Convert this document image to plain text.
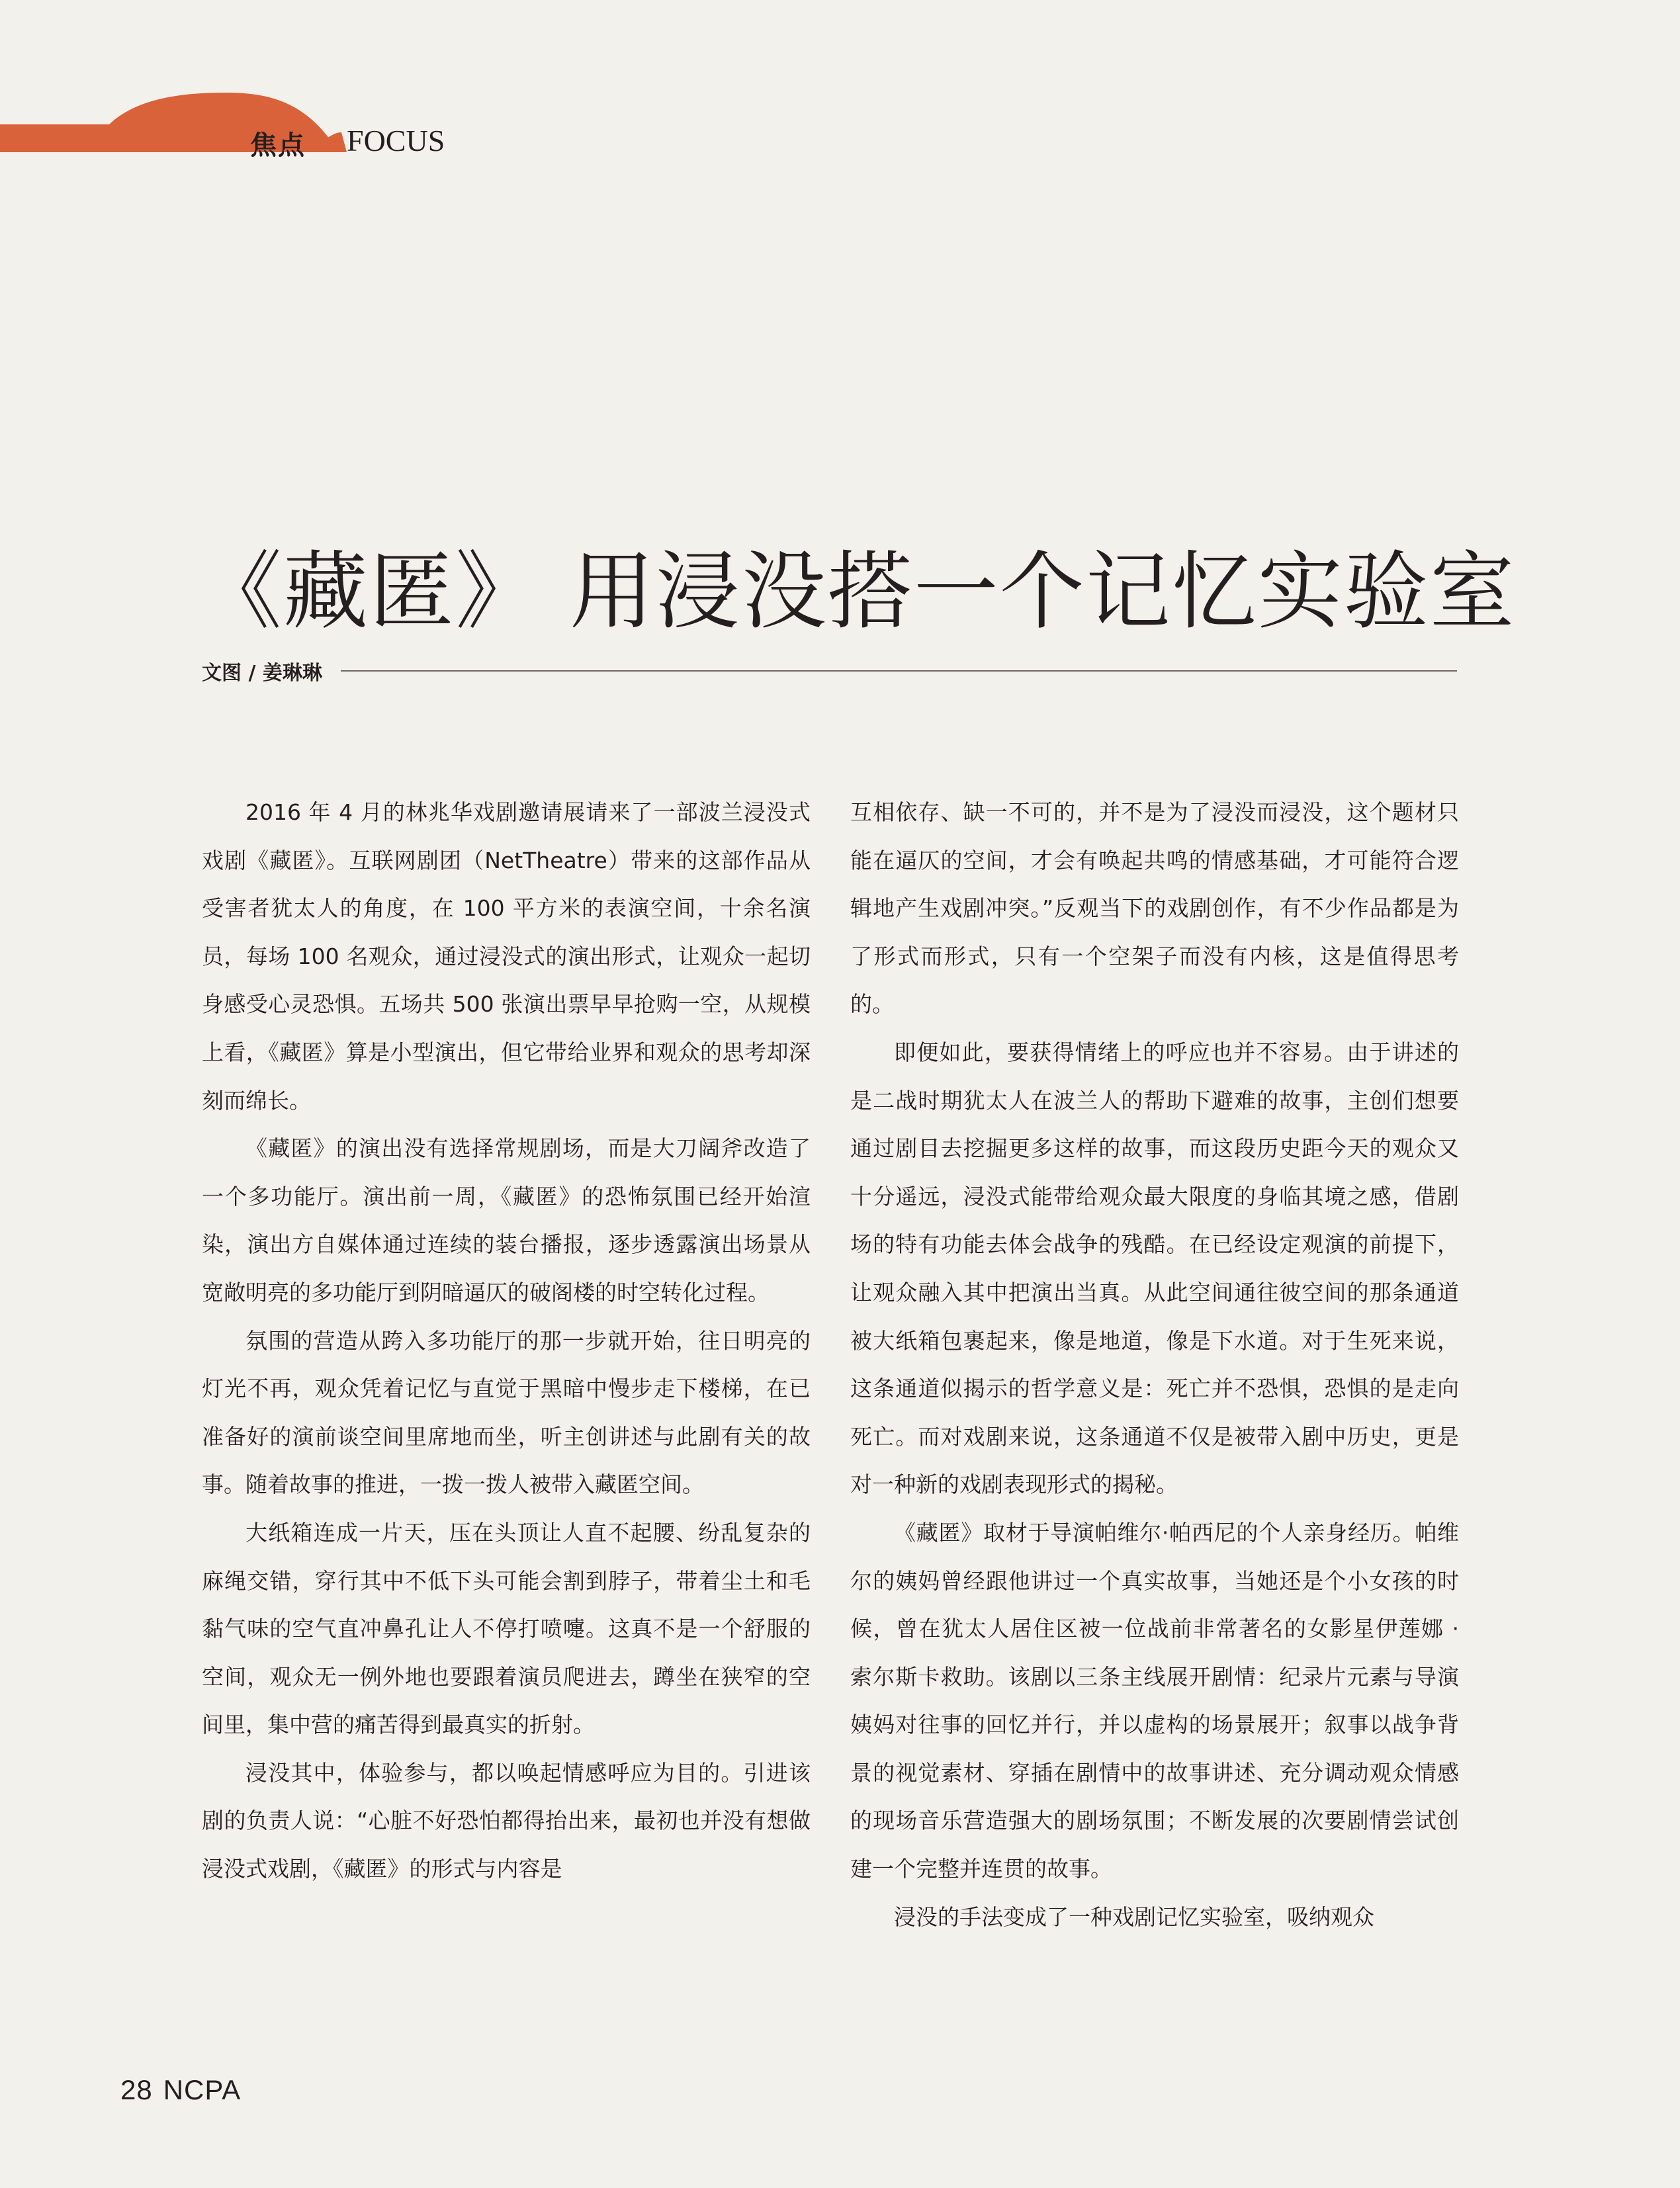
焦点 FOCUS
《藏匿》 用浸没搭一个记忆实验室
文图 / 姜琳琳

2016 年 4 月的林兆华戏剧邀请展请来了一部波兰浸没式戏剧《藏匿》。互联网剧团（NetTheatre）带来的这部作品从受害者犹太人的角度，在 100 平方米的表演空间，十余名演员，每场 100 名观众，通过浸没式的演出形式，让观众一起切身感受心灵恐惧。五场共 500 张演出票早早抢购一空，从规模上看，《藏匿》算是小型演出，但它带给业界和观众的思考却深刻而绵长。

《藏匿》的演出没有选择常规剧场，而是大刀阔斧改造了一个多功能厅。演出前一周，《藏匿》的恐怖氛围已经开始渲染，演出方自媒体通过连续的装台播报，逐步透露演出场景从宽敞明亮的多功能厅到阴暗逼仄的破阁楼的时空转化过程。

氛围的营造从跨入多功能厅的那一步就开始，往日明亮的灯光不再，观众凭着记忆与直觉于黑暗中慢步走下楼梯，在已准备好的演前谈空间里席地而坐，听主创讲述与此剧有关的故事。随着故事的推进，一拨一拨人被带入藏匿空间。

大纸箱连成一片天，压在头顶让人直不起腰、纷乱复杂的麻绳交错，穿行其中不低下头可能会割到脖子，带着尘土和毛黏气味的空气直冲鼻孔让人不停打喷嚏。这真不是一个舒服的空间，观众无一例外地也要跟着演员爬进去，蹲坐在狭窄的空间里，集中营的痛苦得到最真实的折射。

浸没其中，体验参与，都以唤起情感呼应为目的。引进该剧的负责人说：“心脏不好恐怕都得抬出来，最初也并没有想做浸没式戏剧，《藏匿》的形式与内容是

互相依存、缺一不可的，并不是为了浸没而浸没，这个题材只能在逼仄的空间，才会有唤起共鸣的情感基础，才可能符合逻辑地产生戏剧冲突。”反观当下的戏剧创作，有不少作品都是为了形式而形式，只有一个空架子而没有内核，这是值得思考的。

即便如此，要获得情绪上的呼应也并不容易。由于讲述的是二战时期犹太人在波兰人的帮助下避难的故事，主创们想要通过剧目去挖掘更多这样的故事，而这段历史距今天的观众又十分遥远，浸没式能带给观众最大限度的身临其境之感，借剧场的特有功能去体会战争的残酷。在已经设定观演的前提下，让观众融入其中把演出当真。从此空间通往彼空间的那条通道被大纸箱包裹起来，像是地道，像是下水道。对于生死来说，这条通道似揭示的哲学意义是：死亡并不恐惧，恐惧的是走向死亡。而对戏剧来说，这条通道不仅是被带入剧中历史，更是对一种新的戏剧表现形式的揭秘。

《藏匿》取材于导演帕维尔·帕西尼的个人亲身经历。帕维尔的姨妈曾经跟他讲过一个真实故事，当她还是个小女孩的时候，曾在犹太人居住区被一位战前非常著名的女影星伊莲娜 · 索尔斯卡救助。该剧以三条主线展开剧情：纪录片元素与导演姨妈对往事的回忆并行，并以虚构的场景展开；叙事以战争背景的视觉素材、穿插在剧情中的故事讲述、充分调动观众情感的现场音乐营造强大的剧场氛围；不断发展的次要剧情尝试创建一个完整并连贯的故事。

浸没的手法变成了一种戏剧记忆实验室，吸纳观众

28 NCPA
